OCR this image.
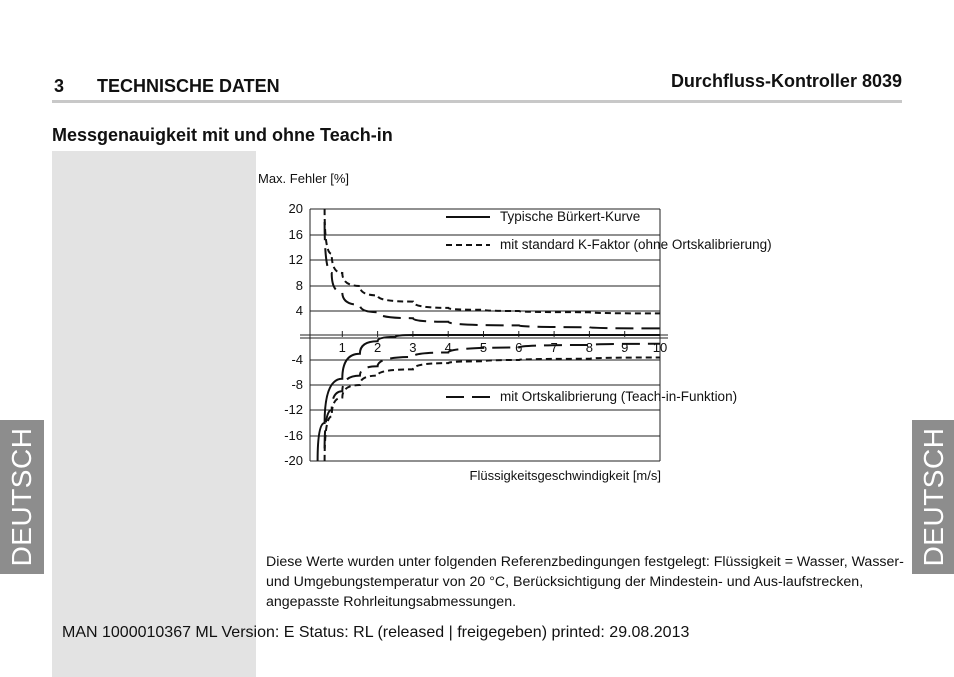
3 TECHNISCHE DATEN	Durchfluss-Kontroller 8039
Messgenauigkeit mit und ohne Teach-in
DEUTSCH	DEUTSCH
20
16
12
8
4
-4
-8
-12
-16
-20
1 2 3 4 5 6 7 8 9 10
Max. Fehler [%]
Flüssigkeitsgeschwindigkeit [m/s]
Typische Bürkert-Kurve
mit standard K-Faktor (ohne Ortskalibrierung)
mit Ortskalibrierung (Teach-in-Funktion)
Diese Werte wurden unter folgenden Referenzbedingungen festgelegt: Flüssigkeit = Wasser, Wasser- und Umgebungstemperatur von 20 °C, Berücksichtigung der Mindestein- und Aus-laufstrecken, angepasste Rohrleitungsabmessungen.
MAN 1000010367 ML Version: E Status: RL (released | freigegeben) printed: 29.08.2013
